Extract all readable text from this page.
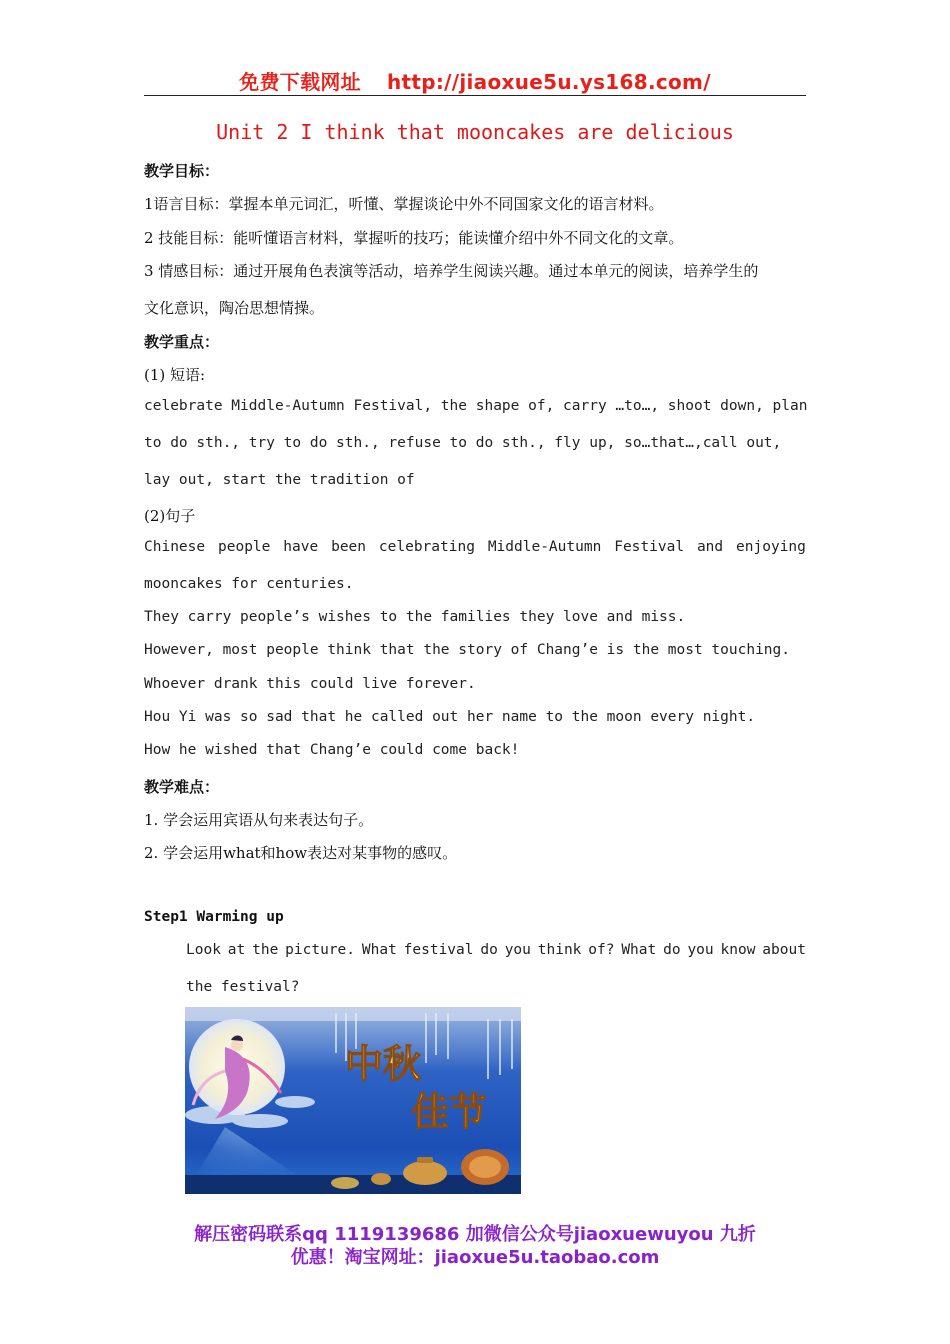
免费下载网址 http://jiaoxue5u.ys168.com/
Unit 2 I think that mooncakes are delicious
教学目标：
1语言目标：掌握本单元词汇，听懂、掌握谈论中外不同国家文化的语言材料。
2 技能目标：能听懂语言材料，掌握听的技巧；能读懂介绍中外不同文化的文章。
3 情感目标：通过开展角色表演等活动，培养学生阅读兴趣。通过本单元的阅读，培养学生的
文化意识，陶冶思想情操。
教学重点：
(1) 短语:
celebrate Middle-Autumn Festival, the shape of, carry …to…, shoot down, plan
to do sth., try to do sth., refuse to do sth., fly up, so…that…,call out,
lay out, start the tradition of
(2)句子
Chinese people have been celebrating Middle-Autumn Festival and enjoying
mooncakes for centuries.
They carry people’s wishes to the families they love and miss.
However, most people think that the story of Chang’e is the most touching.
Whoever drank this could live forever.
Hou Yi was so sad that he called out her name to the moon every night.
How he wished that Chang’e could come back!
教学难点：
1. 学会运用宾语从句来表达句子。
2. 学会运用what和how表达对某事物的感叹。
Step1 Warming up
Look at the picture. What festival do you think of? What do you know about
the festival?
中秋
佳节
解压密码联系qq 1119139686 加微信公众号jiaoxuewuyou 九折
优惠！淘宝网址：jiaoxue5u.taobao.com
